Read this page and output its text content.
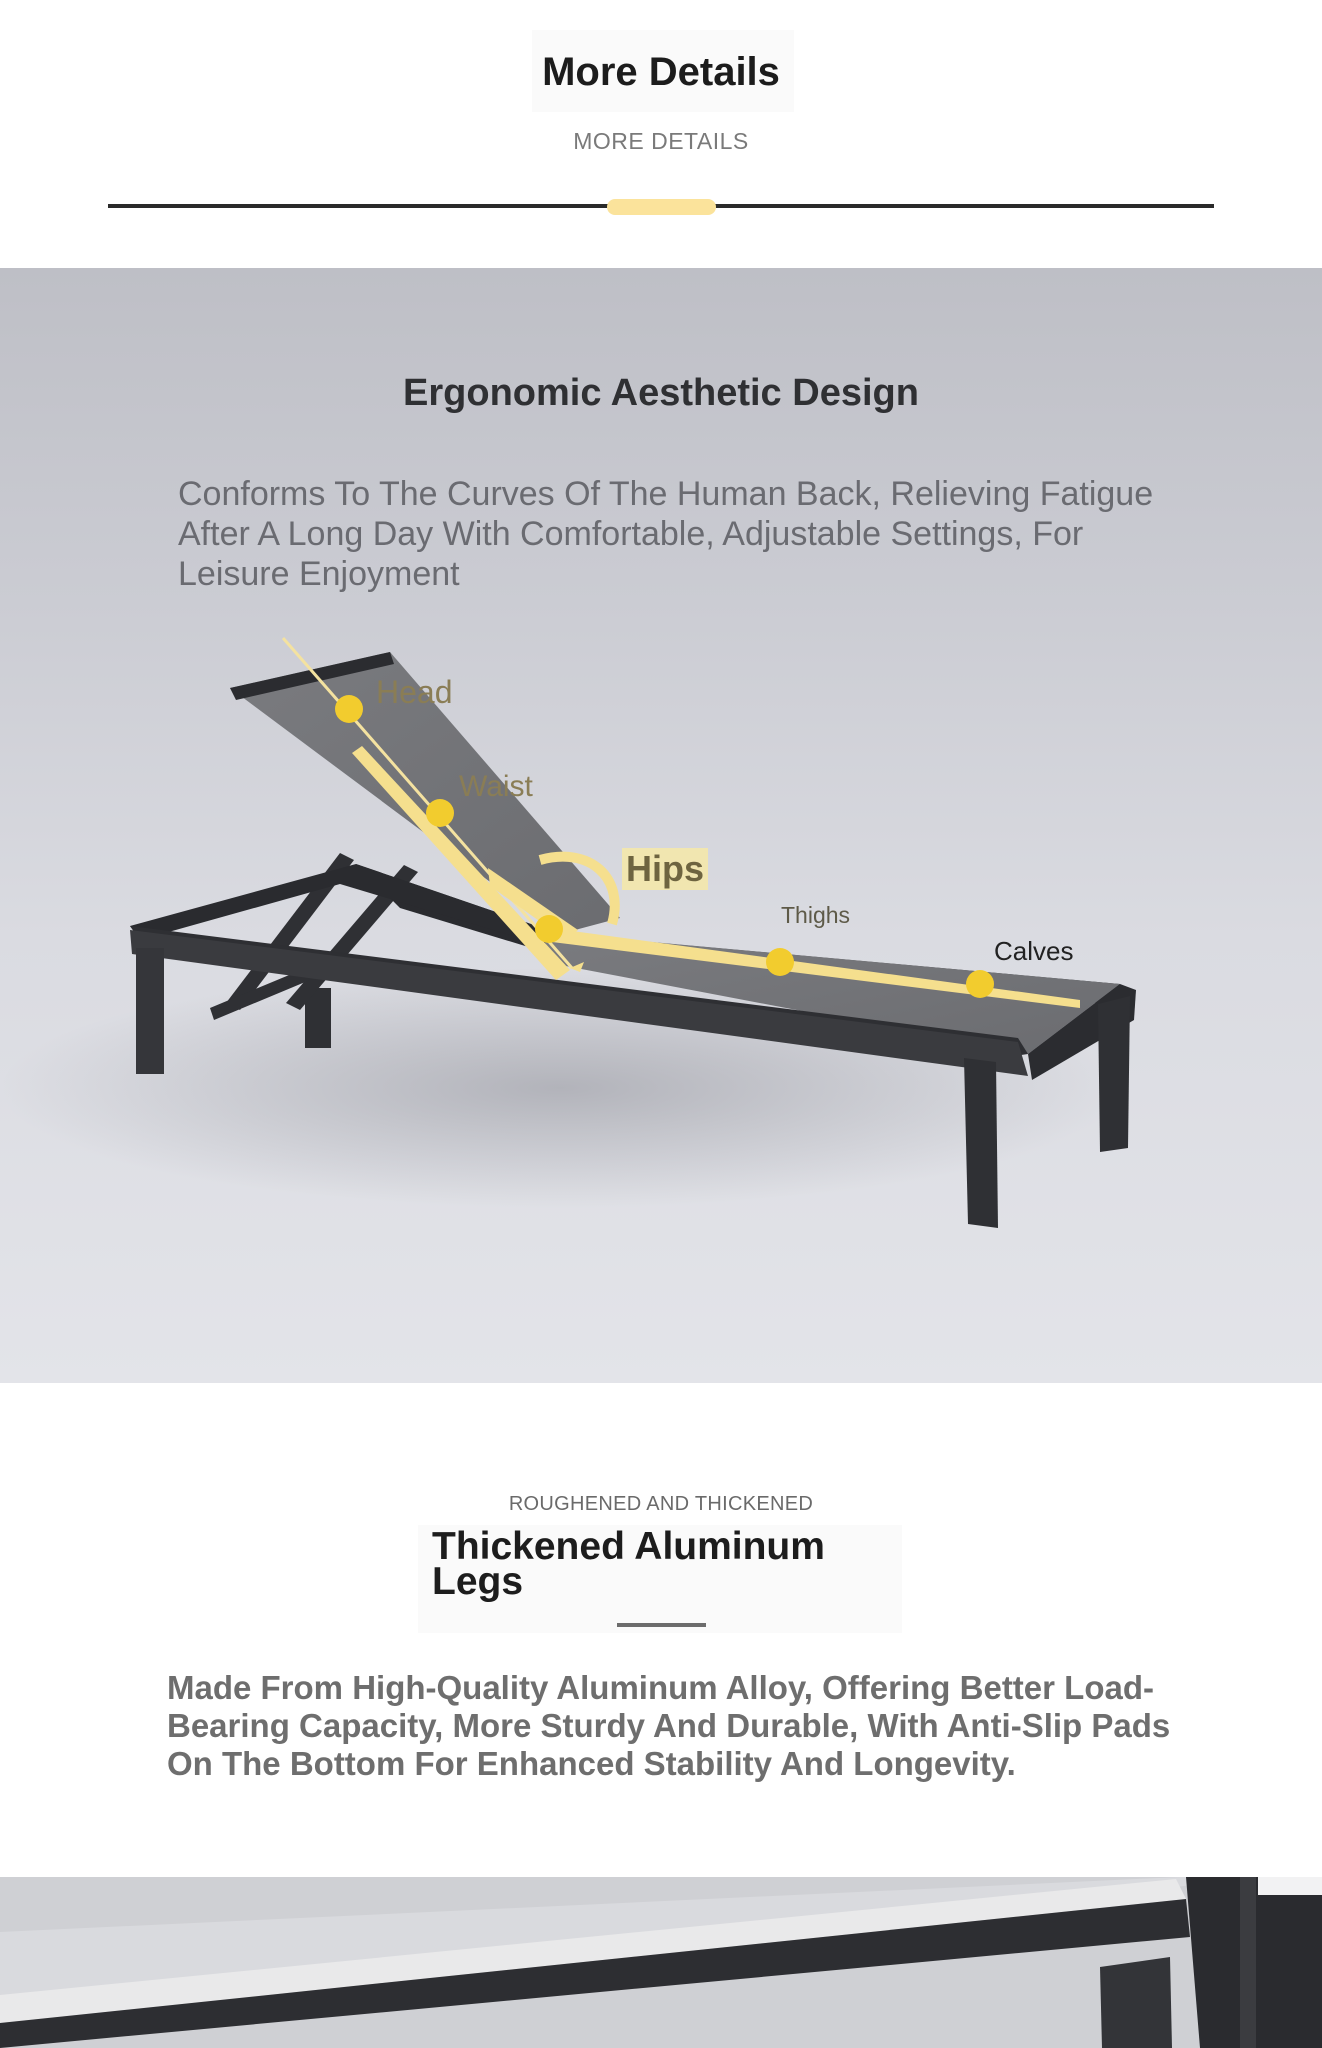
More Details
MORE DETAILS
Ergonomic Aesthetic Design
Conforms To The Curves Of The Human Back, Relieving Fatigue After A Long Day With Comfortable, Adjustable Settings, For Leisure Enjoyment
Head
Waist
Hips
Thighs
Calves
ROUGHENED AND THICKENED
Thickened Aluminum Legs
Made From High-Quality Aluminum Alloy, Offering Better Load-Bearing Capacity, More Sturdy And Durable, With Anti-Slip Pads On The Bottom For Enhanced Stability And Longevity.
